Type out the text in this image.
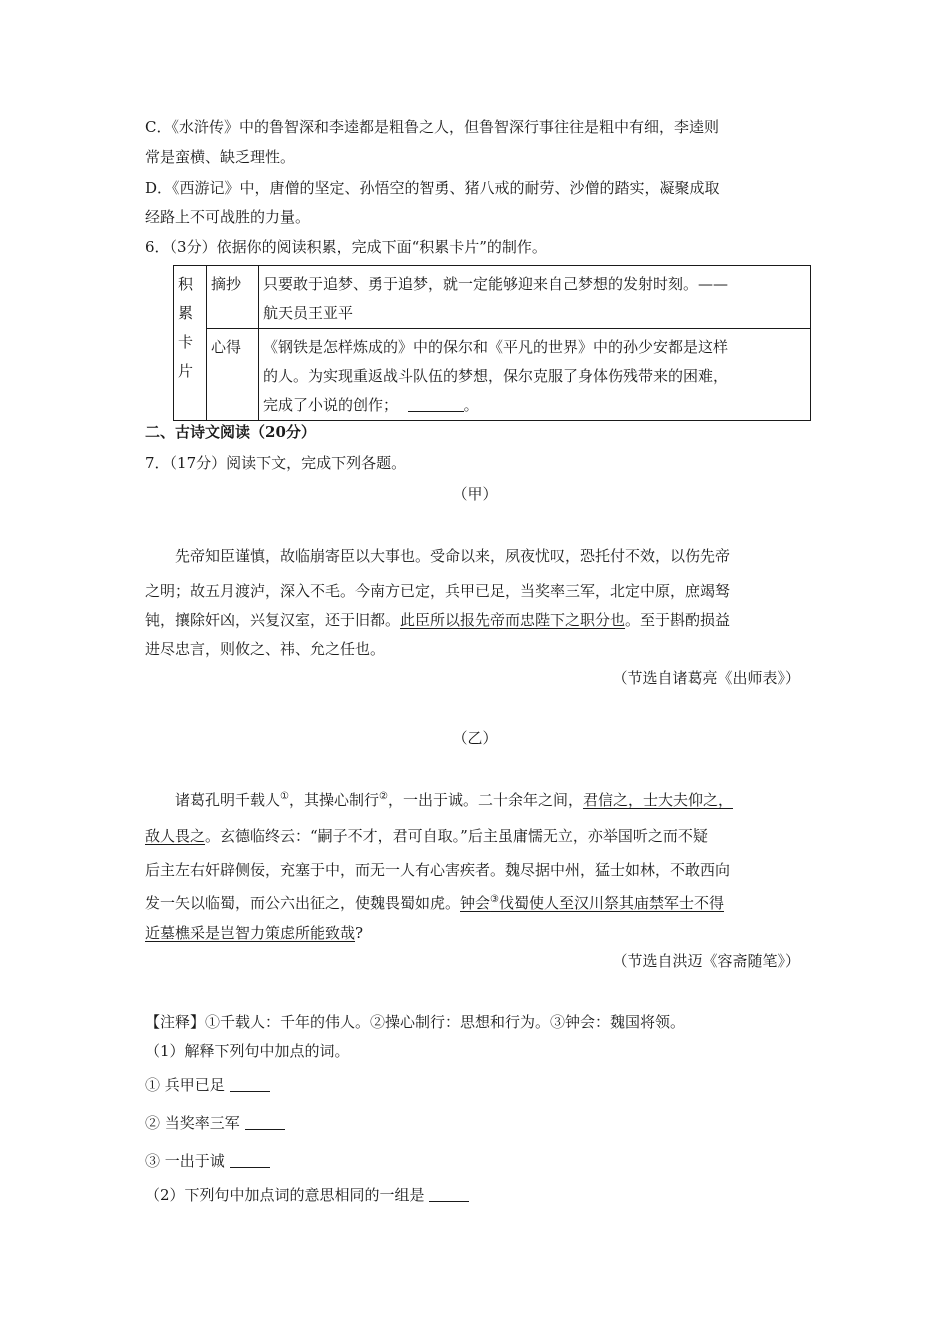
C．《水浒传》中的鲁智深和李逵都是粗鲁之人，但鲁智深行事往往是粗中有细，李逵则
常是蛮横、缺乏理性。
D．《西游记》中，唐僧的坚定、孙悟空的智勇、猪八戒的耐劳、沙僧的踏实，凝聚成取
经路上不可战胜的力量。
6．（3分）依据你的阅读积累，完成下面“积累卡片”的制作。
积累卡片	摘抄	只要敢于追梦、勇于追梦，就一定能够迎来自己梦想的发射时刻。——
航天员王亚平

	心得	《钢铁是怎样炼成的》中的保尔和《平凡的世界》中的孙少安都是这样
的人。为实现重返战斗队伍的梦想，保尔克服了身体伤残带来的困难，
完成了小说的创作； 。
二、古诗文阅读（20分）
7．（17分）阅读下文，完成下列各题。
（甲）
先帝知臣谨慎，故临崩寄臣以大事也。受命以来，夙夜忧叹，恐托付不效，以伤先帝
之明；故五月渡泸，深入不毛。今南方已定，兵甲已足，当奖率三军，北定中原，庶竭驽
钝，攘除奸凶，兴复汉室，还于旧都。此臣所以报先帝而忠陛下之职分也。至于斟酌损益
进尽忠言，则攸之、祎、允之任也。
（节选自诸葛亮《出师表》）
（乙）
诸葛孔明千载人①，其操心制行②，一出于诚。二十余年之间，君信之，士大夫仰之，
敌人畏之。玄德临终云：“嗣子不才，君可自取。”后主虽庸懦无立，亦举国听之而不疑
后主左右奸辟侧佞，充塞于中，而无一人有心害疾者。魏尽据中州，猛士如林，不敢西向
发一矢以临蜀，而公六出征之，使魏畏蜀如虎。钟会③伐蜀使人至汉川祭其庙禁军士不得
近墓樵采是岂智力策虑所能致哉?
（节选自洪迈《容斋随笔》）
【注释】①千载人：千年的伟人。②操心制行：思想和行为。③钟会：魏国将领。
（1）解释下列句中加点的词。
① 兵甲已足
② 当奖率三军
③ 一出于诚
（2）下列句中加点词的意思相同的一组是
